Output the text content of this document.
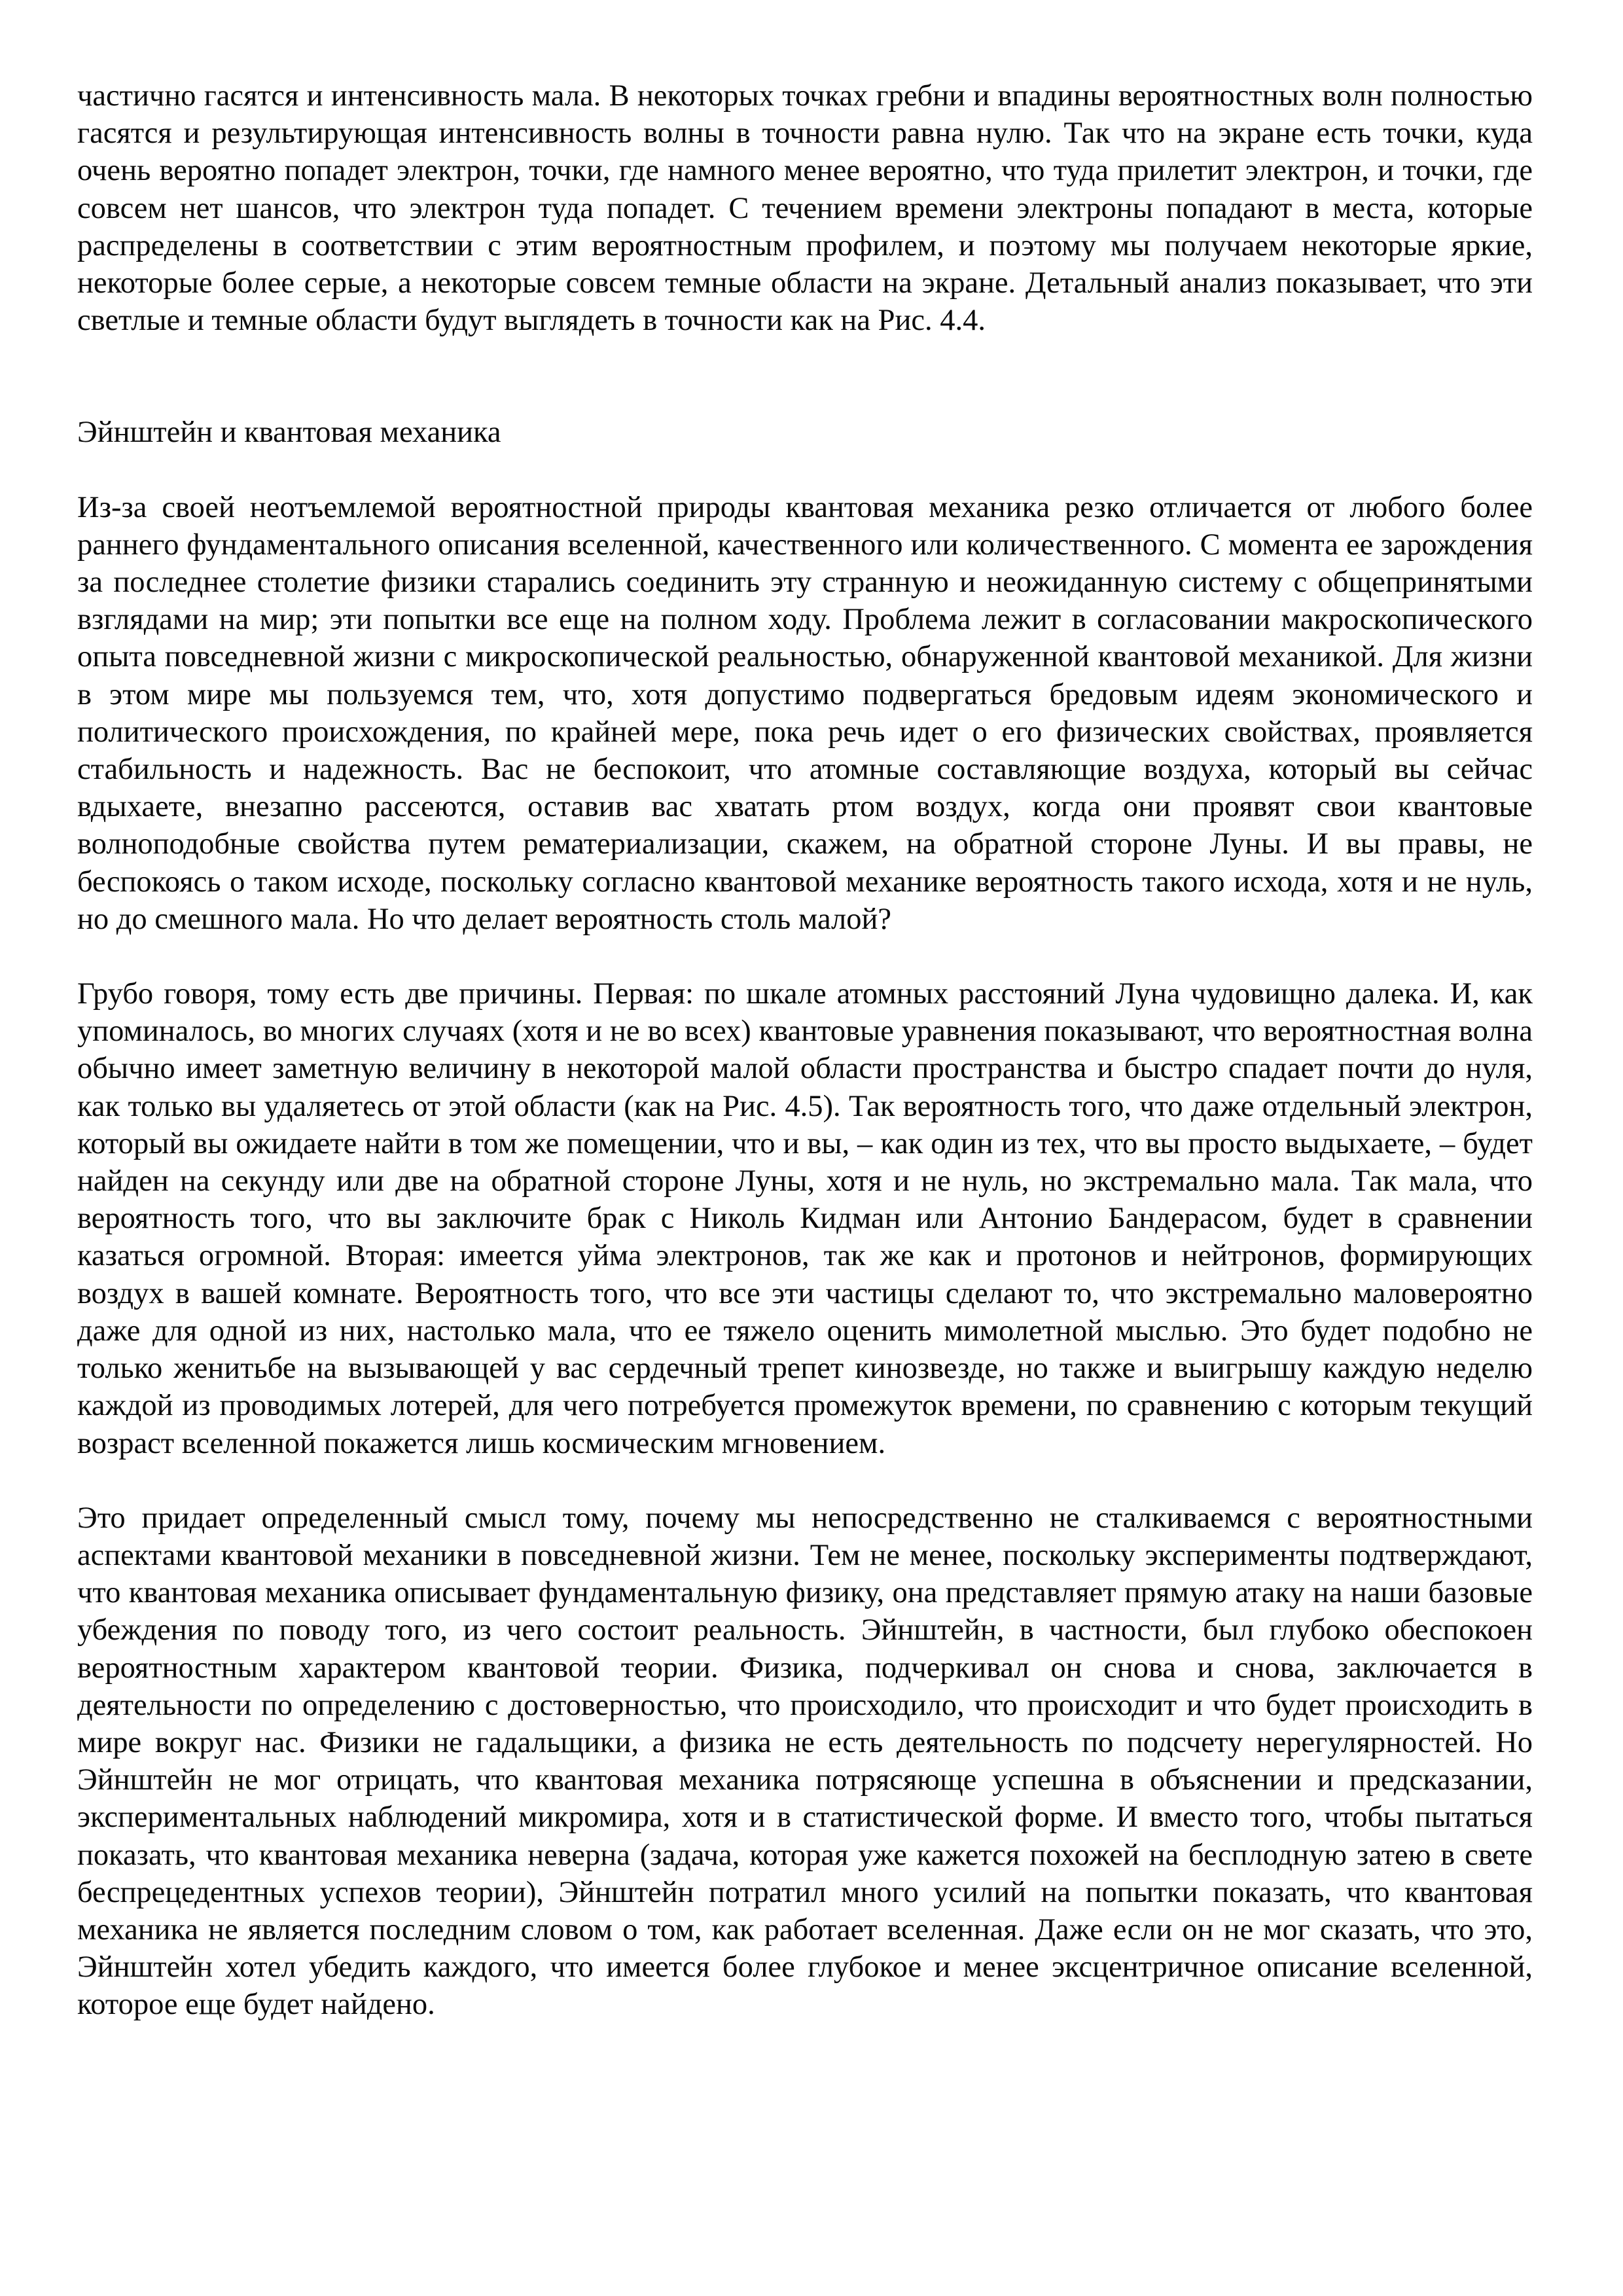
частично гасятся и интенсивность мала. В некоторых точках гребни и впадины вероятностных волн полностью гасятся и результирующая интенсивность волны в точности равна нулю. Так что на экране есть точки, куда очень вероятно попадет электрон, точки, где намного менее вероятно, что туда прилетит электрон, и точки, где совсем нет шансов, что электрон туда попадет. С течением времени электроны попадают в места, которые распределены в соответствии с этим вероятностным профилем, и поэтому мы получаем некоторые яркие, некоторые более серые, а некоторые совсем темные области на экране. Детальный анализ показывает, что эти светлые и темные области будут выглядеть в точности как на Рис. 4.4.

Эйнштейн и квантовая механика

Из-за своей неотъемлемой вероятностной природы квантовая механика резко отличается от любого более раннего фундаментального описания вселенной, качественного или количественного. С момента ее зарождения за последнее столетие физики старались соединить эту странную и неожиданную систему с общепринятыми взглядами на мир; эти попытки все еще на полном ходу. Проблема лежит в согласовании макроскопического опыта повседневной жизни с микроскопической реальностью, обнаруженной квантовой механикой. Для жизни в этом мире мы пользуемся тем, что, хотя допустимо подвергаться бредовым идеям экономического и политического происхождения, по крайней мере, пока речь идет о его физических свойствах, проявляется стабильность и надежность. Вас не беспокоит, что атомные составляющие воздуха, который вы сейчас вдыхаете, внезапно рассеются, оставив вас хватать ртом воздух, когда они проявят свои квантовые волноподобные свойства путем рематериализации, скажем, на обратной стороне Луны. И вы правы, не беспокоясь о таком исходе, поскольку согласно квантовой механике вероятность такого исхода, хотя и не нуль, но до смешного мала. Но что делает вероятность столь малой?

Грубо говоря, тому есть две причины. Первая: по шкале атомных расстояний Луна чудовищно далека. И, как упоминалось, во многих случаях (хотя и не во всех) квантовые уравнения показывают, что вероятностная волна обычно имеет заметную величину в некоторой малой области пространства и быстро спадает почти до нуля, как только вы удаляетесь от этой области (как на Рис. 4.5). Так вероятность того, что даже отдельный электрон, который вы ожидаете найти в том же помещении, что и вы, – как один из тех, что вы просто выдыхаете, – будет найден на секунду или две на обратной стороне Луны, хотя и не нуль, но экстремально мала. Так мала, что вероятность того, что вы заключите брак с Николь Кидман или Антонио Бандерасом, будет в сравнении казаться огромной. Вторая: имеется уйма электронов, так же как и протонов и нейтронов, формирующих воздух в вашей комнате. Вероятность того, что все эти частицы сделают то, что экстремально маловероятно даже для одной из них, настолько мала, что ее тяжело оценить мимолетной мыслью. Это будет подобно не только женитьбе на вызывающей у вас сердечный трепет кинозвезде, но также и выигрышу каждую неделю каждой из проводимых лотерей, для чего потребуется промежуток времени, по сравнению с которым текущий возраст вселенной покажется лишь космическим мгновением.

Это придает определенный смысл тому, почему мы непосредственно не сталкиваемся с вероятностными аспектами квантовой механики в повседневной жизни. Тем не менее, поскольку эксперименты подтверждают, что квантовая механика описывает фундаментальную физику, она представляет прямую атаку на наши базовые убеждения по поводу того, из чего состоит реальность. Эйнштейн, в частности, был глубоко обеспокоен вероятностным характером квантовой теории. Физика, подчеркивал он снова и снова, заключается в деятельности по определению с достоверностью, что происходило, что происходит и что будет происходить в мире вокруг нас. Физики не гадальщики, а физика не есть деятельность по подсчету нерегулярностей. Но Эйнштейн не мог отрицать, что квантовая механика потрясяюще успешна в объяснении и предсказании, экспериментальных наблюдений микромира, хотя и в статистической форме. И вместо того, чтобы пытаться показать, что квантовая механика неверна (задача, которая уже кажется похожей на бесплодную затею в свете беспрецедентных успехов теории), Эйнштейн потратил много усилий на попытки показать, что квантовая механика не является последним словом о том, как работает вселенная. Даже если он не мог сказать, что это, Эйнштейн хотел убедить каждого, что имеется более глубокое и менее эксцентричное описание вселенной, которое еще будет найдено.
